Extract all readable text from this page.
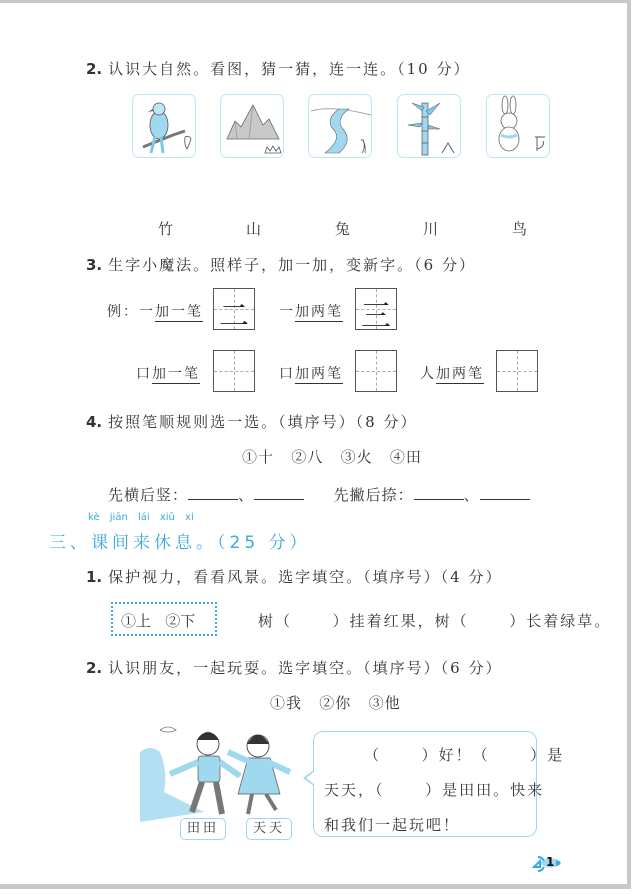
2. 认识大自然。看图，猜一猜，连一连。（10 分）
竹	山	兔	川	鸟
3. 生字小魔法。照样子，加一加，变新字。（6 分）
例：一加一笔 二	一加两笔 三
口加一笔	口加两笔	人加两笔
4. 按照笔顺规则选一选。（填序号）（8 分）
①十   ②八   ③火   ④田
先横后竖：	、	先撇后捺：	、
kè jiān lái xiū xi
三、课间来休息。（25 分）
1. 保护视力，看看风景。选字填空。（填序号）（4 分）
①上   ②下	树（      ）挂着红果，树（      ）长着绿草。
2. 认识朋友，一起玩耍。选字填空。（填序号）（6 分）
①我   ②你   ③他
田田	天天
（      ）好！（      ）是
天天，（      ）是田田。快来
和我们一起玩吧！
1
